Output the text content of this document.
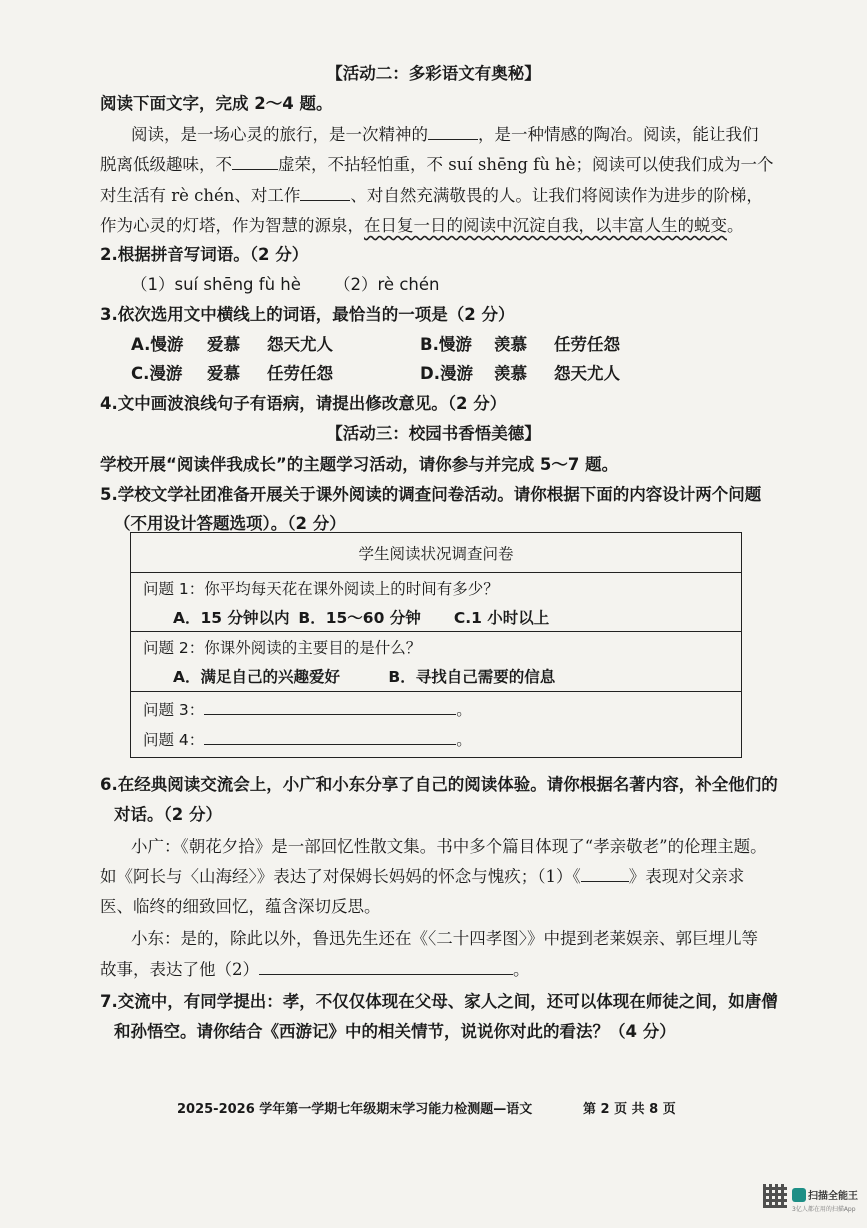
【活动二：多彩语文有奥秘】
阅读下面文字，完成 2～4 题。
阅读，是一场心灵的旅行，是一次精神的	，是一种情感的陶冶。阅读，能让我们
脱离低级趣味，不	虚荣，不拈轻怕重，不 suí shēng fù hè；阅读可以使我们成为一个
对生活有 rè chén、对工作	、对自然充满敬畏的人。让我们将阅读作为进步的阶梯，
作为心灵的灯塔，作为智慧的源泉，在日复一日的阅读中沉淀自我，以丰富人生的蜕变。
2.根据拼音写词语。（2 分）
（1）suí shēng fù hè （2）rè chén
3.依次选用文中横线上的词语，最恰当的一项是（2 分）
A.慢游 爱慕 怨天尤人	B.慢游 羡慕 任劳任怨
C.漫游 爱慕 任劳任怨	D.漫游 羡慕 怨天尤人
4.文中画波浪线句子有语病，请提出修改意见。（2 分）
【活动三：校园书香悟美德】
学校开展“阅读伴我成长”的主题学习活动，请你参与并完成 5～7 题。
5.学校文学社团准备开展关于课外阅读的调查问卷活动。请你根据下面的内容设计两个问题
（不用设计答题选项）。（2 分）
学生阅读状况调查问卷

问题 1：你平均每天花在课外阅读上的时间有多少？
A．15 分钟以内 B．15～60 分钟 C.1 小时以上

问题 2：你课外阅读的主要目的是什么？
A．满足自己的兴趣爱好	B．寻找自己需要的信息

问题 3：	。
问题 4：	。
6.在经典阅读交流会上，小广和小东分享了自己的阅读体验。请你根据名著内容，补全他们的
对话。（2 分）
小广：《朝花夕拾》是一部回忆性散文集。书中多个篇目体现了“孝亲敬老”的伦理主题。
如《阿长与〈山海经〉》表达了对保姆长妈妈的怀念与愧疚；（1）《	》表现对父亲求
医、临终的细致回忆，蕴含深切反思。
小东：是的，除此以外，鲁迅先生还在《〈二十四孝图〉》中提到老莱娱亲、郭巨埋儿等
故事，表达了他（2）	。
7.交流中，有同学提出：孝，不仅仅体现在父母、家人之间，还可以体现在师徒之间，如唐僧
和孙悟空。请你结合《西游记》中的相关情节，说说你对此的看法？（4 分）
2025-2026 学年第一学期七年级期末学习能力检测题—语文	第 2 页 共 8 页
扫描全能王
3亿人都在用的扫描App
